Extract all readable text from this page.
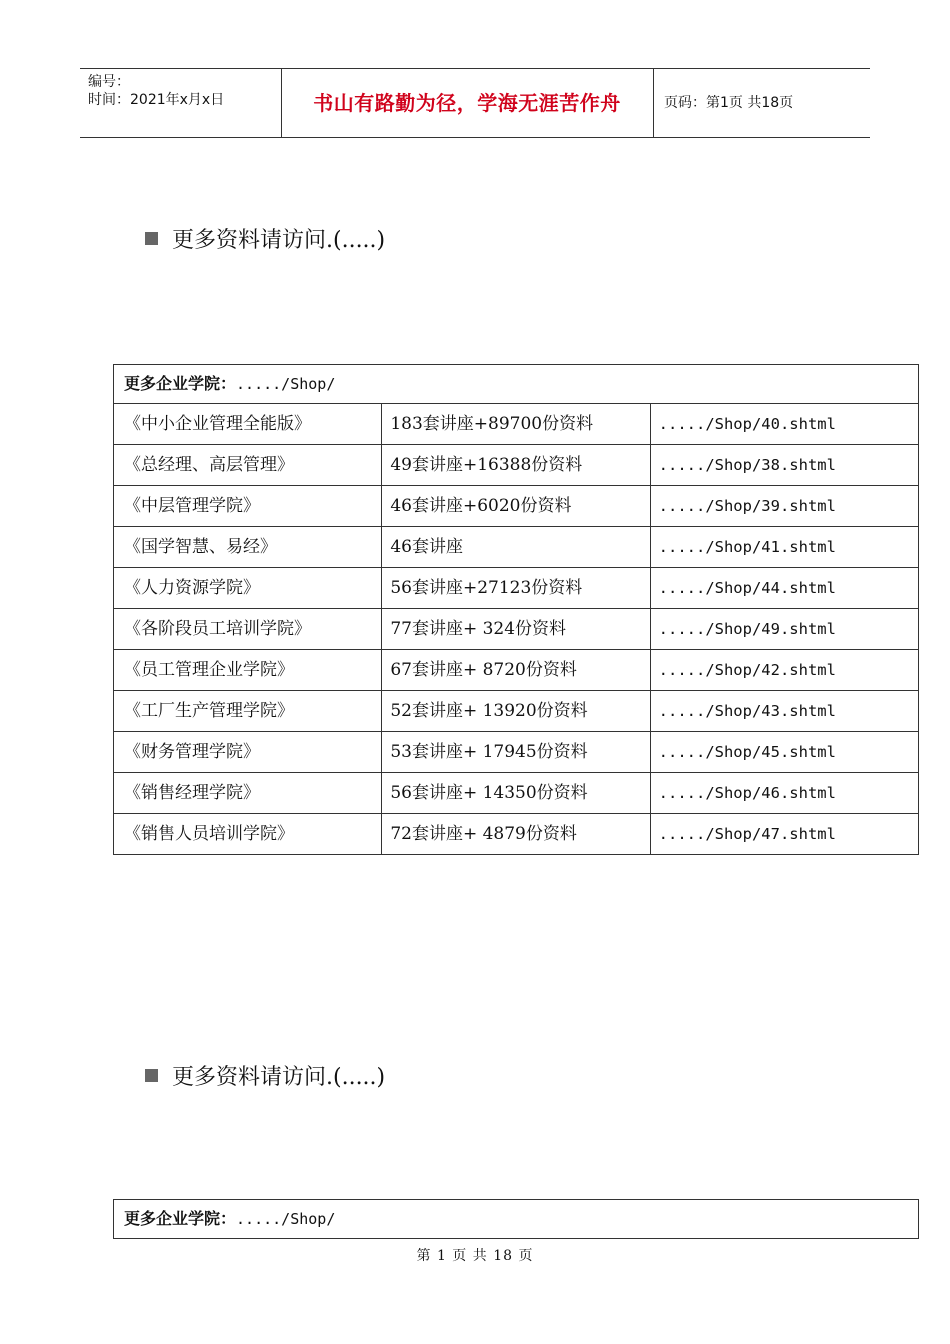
编号：
时间：2021年x月x日	书山有路勤为径，学海无涯苦作舟	页码：第1页 共18页
更多资料请访问.(.....)
更多企业学院：...../Shop/		
《中小企业管理全能版》	183套讲座+89700份资料	...../Shop/40.shtml
《总经理、高层管理》	49套讲座+16388份资料	...../Shop/38.shtml
《中层管理学院》	46套讲座+6020份资料	...../Shop/39.shtml
《国学智慧、易经》	46套讲座	...../Shop/41.shtml
《人力资源学院》	56套讲座+27123份资料	...../Shop/44.shtml
《各阶段员工培训学院》	77套讲座+ 324份资料	...../Shop/49.shtml
《员工管理企业学院》	67套讲座+ 8720份资料	...../Shop/42.shtml
《工厂生产管理学院》	52套讲座+ 13920份资料	...../Shop/43.shtml
《财务管理学院》	53套讲座+ 17945份资料	...../Shop/45.shtml
《销售经理学院》	56套讲座+ 14350份资料	...../Shop/46.shtml
《销售人员培训学院》	72套讲座+ 4879份资料	...../Shop/47.shtml
更多资料请访问.(.....)
更多企业学院：...../Shop/
第 1 页 共 18 页
